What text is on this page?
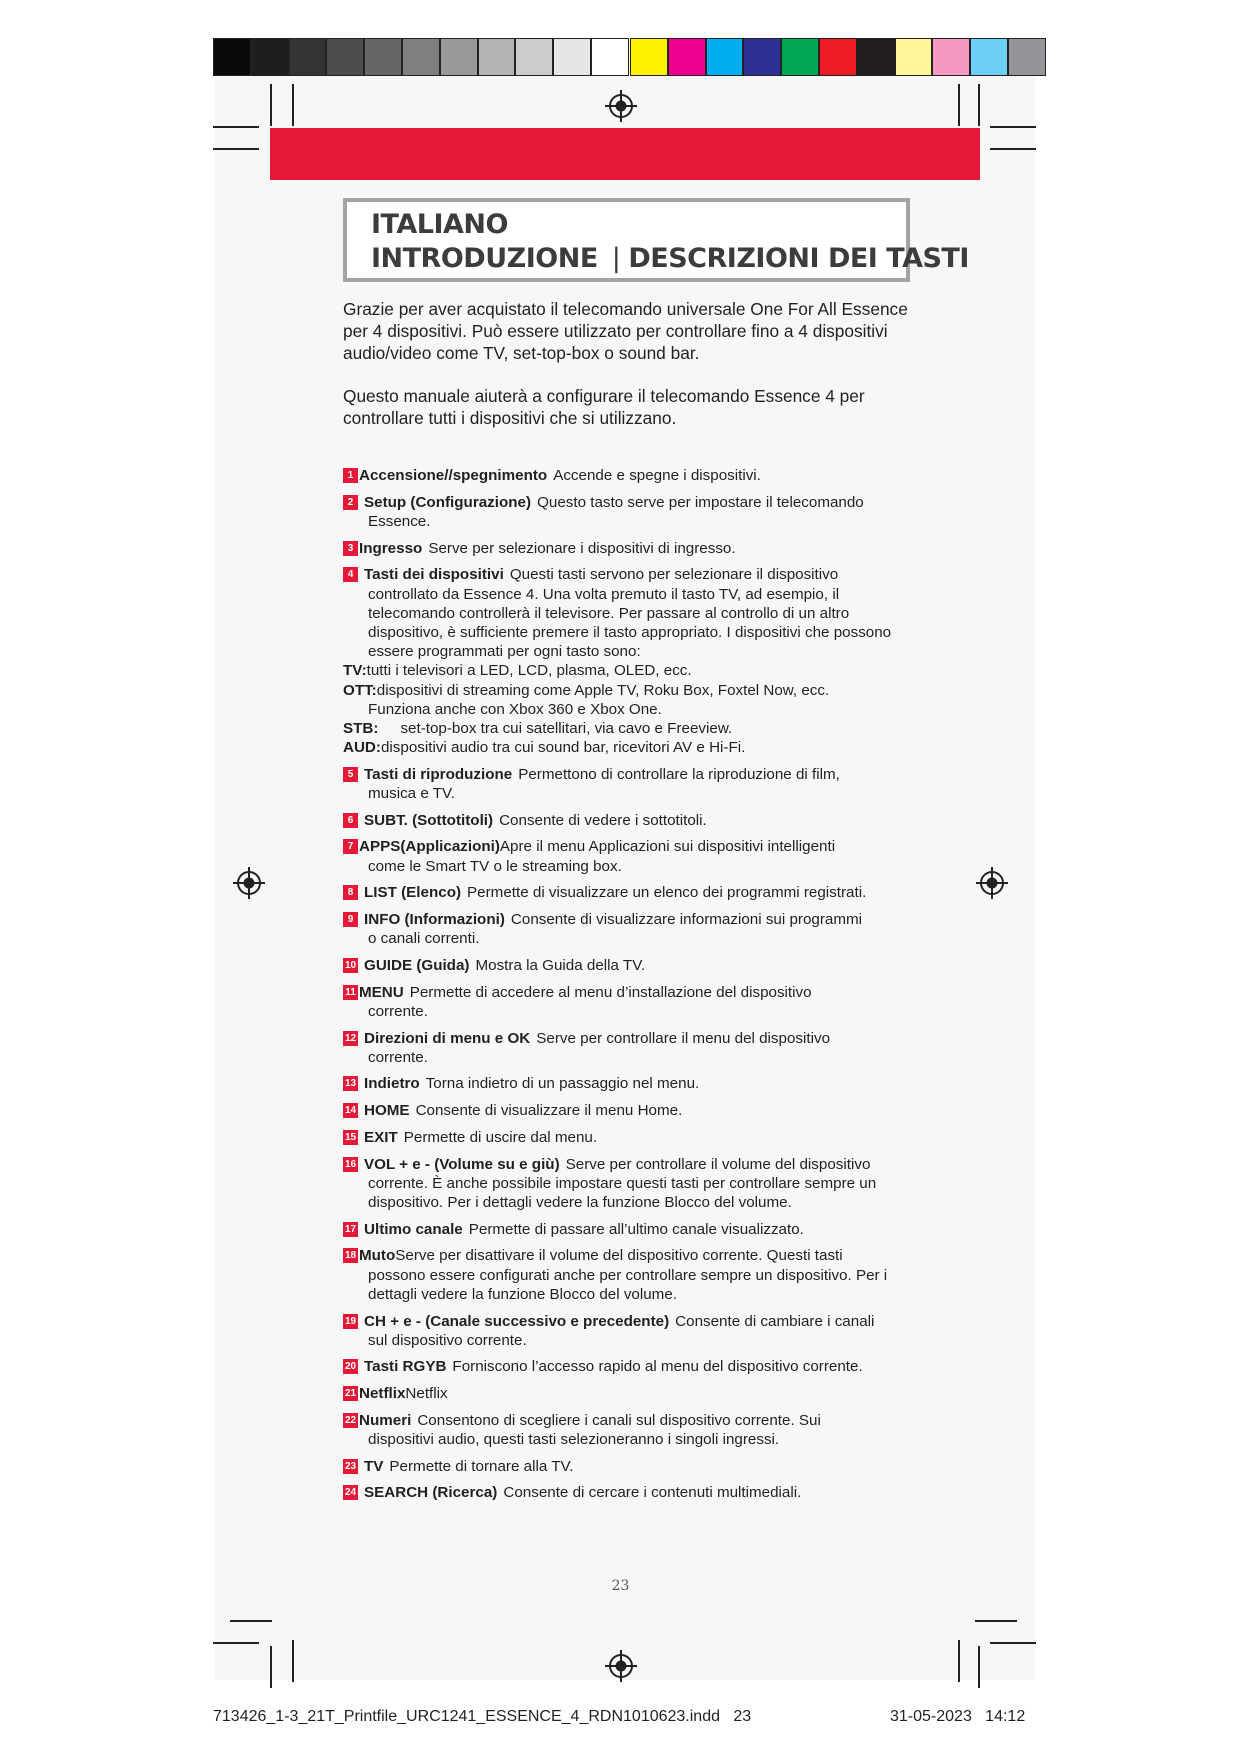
ITALIANO
INTRODUZIONE | DESCRIZIONI DEI TASTI
Grazie per aver acquistato il telecomando universale One For All Essence per 4 dispositivi. Può essere utilizzato per controllare fino a 4 dispositivi audio/video come TV, set-top-box o sound bar.
Questo manuale aiuterà a configurare il telecomando Essence 4 per controllare tutti i dispositivi che si utilizzano.
1 Accensione//spegnimento Accende e spegne i dispositivi.
2 Setup (Configurazione) Questo tasto serve per impostare il telecomando
Essence.
3 Ingresso Serve per selezionare i dispositivi di ingresso.
4 Tasti dei dispositivi Questi tasti servono per selezionare il dispositivo
controllato da Essence 4. Una volta premuto il tasto TV, ad esempio, il telecomando controllerà il televisore. Per passare al controllo di un altro dispositivo, è sufficiente premere il tasto appropriato. I dispositivi che possono essere programmati per ogni tasto sono:
TV:tutti i televisori a LED, LCD, plasma, OLED, ecc.
OTT:dispositivi di streaming come Apple TV, Roku Box, Foxtel Now, ecc.
Funziona anche con Xbox 360 e Xbox One.
STB: set-top-box tra cui satellitari, via cavo e Freeview.
AUD:dispositivi audio tra cui sound bar, ricevitori AV e Hi-Fi.
5 Tasti di riproduzione Permettono di controllare la riproduzione di film,
musica e TV.
6 SUBT. (Sottotitoli) Consente di vedere i sottotitoli.
7 APPS(Applicazioni)Apre il menu Applicazioni sui dispositivi intelligenti
come le Smart TV o le streaming box.
8 LIST (Elenco) Permette di visualizzare un elenco dei programmi registrati.
9 INFO (Informazioni) Consente di visualizzare informazioni sui programmi
o canali correnti.
10 GUIDE (Guida) Mostra la Guida della TV.
11 MENU Permette di accedere al menu d’installazione del dispositivo
corrente.
12 Direzioni di menu e OK Serve per controllare il menu del dispositivo
corrente.
13 Indietro Torna indietro di un passaggio nel menu.
14 HOME Consente di visualizzare il menu Home.
15 EXIT Permette di uscire dal menu.
16 VOL + e - (Volume su e giù) Serve per controllare il volume del dispositivo
corrente. È anche possibile impostare questi tasti per controllare sempre un dispositivo. Per i dettagli vedere la funzione Blocco del volume.
17 Ultimo canale Permette di passare all’ultimo canale visualizzato.
18 MutoServe per disattivare il volume del dispositivo corrente. Questi tasti
possono essere configurati anche per controllare sempre un dispositivo. Per i dettagli vedere la funzione Blocco del volume.
19 CH + e - (Canale successivo e precedente) Consente di cambiare i canali
sul dispositivo corrente.
20 Tasti RGYB Forniscono l’accesso rapido al menu del dispositivo corrente.
21 NetflixNetflix
22 Numeri Consentono di scegliere i canali sul dispositivo corrente. Sui
dispositivi audio, questi tasti selezioneranno i singoli ingressi.
23 TV Permette di tornare alla TV.
24 SEARCH (Ricerca) Consente di cercare i contenuti multimediali.
23
713426_1-3_21T_Printfile_URC1241_ESSENCE_4_RDN1010623.indd   23	31-05-2023   14:12
